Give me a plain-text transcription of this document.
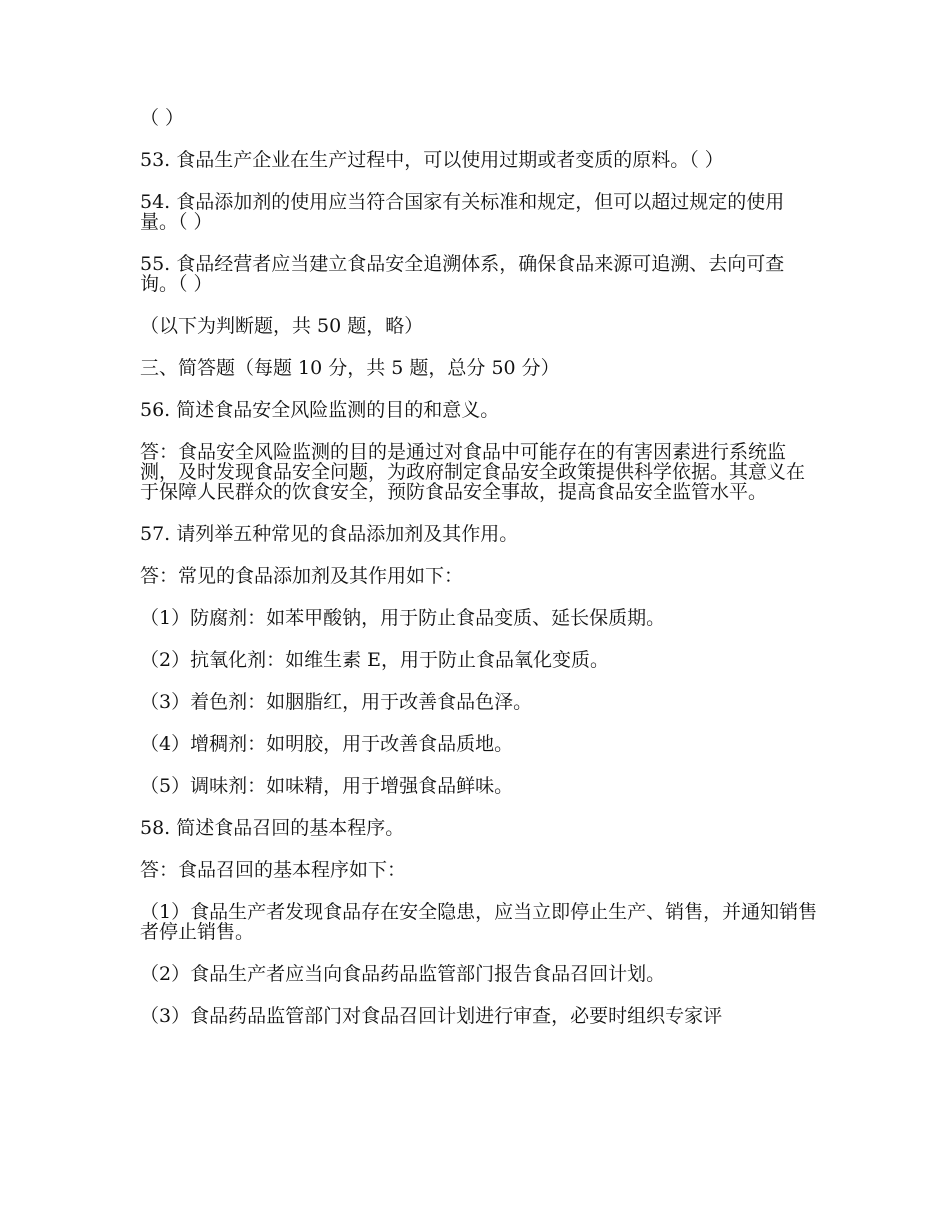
（ ）

53. 食品生产企业在生产过程中，可以使用过期或者变质的原料。（ ）

54. 食品添加剂的使用应当符合国家有关标准和规定，但可以超过规定的使用量。（ ）

55. 食品经营者应当建立食品安全追溯体系，确保食品来源可追溯、去向可查询。（ ）

（以下为判断题，共 50 题，略）

三、简答题（每题 10 分，共 5 题，总分 50 分）

56. 简述食品安全风险监测的目的和意义。

答：食品安全风险监测的目的是通过对食品中可能存在的有害因素进行系统监测，及时发现食品安全问题，为政府制定食品安全政策提供科学依据。其意义在于保障人民群众的饮食安全，预防食品安全事故，提高食品安全监管水平。

57. 请列举五种常见的食品添加剂及其作用。

答：常见的食品添加剂及其作用如下：

（1）防腐剂：如苯甲酸钠，用于防止食品变质、延长保质期。

（2）抗氧化剂：如维生素 E，用于防止食品氧化变质。

（3）着色剂：如胭脂红，用于改善食品色泽。

（4）增稠剂：如明胶，用于改善食品质地。

（5）调味剂：如味精，用于增强食品鲜味。

58. 简述食品召回的基本程序。

答：食品召回的基本程序如下：

（1）食品生产者发现食品存在安全隐患，应当立即停止生产、销售，并通知销售者停止销售。

（2）食品生产者应当向食品药品监管部门报告食品召回计划。

（3）食品药品监管部门对食品召回计划进行审查，必要时组织专家评
